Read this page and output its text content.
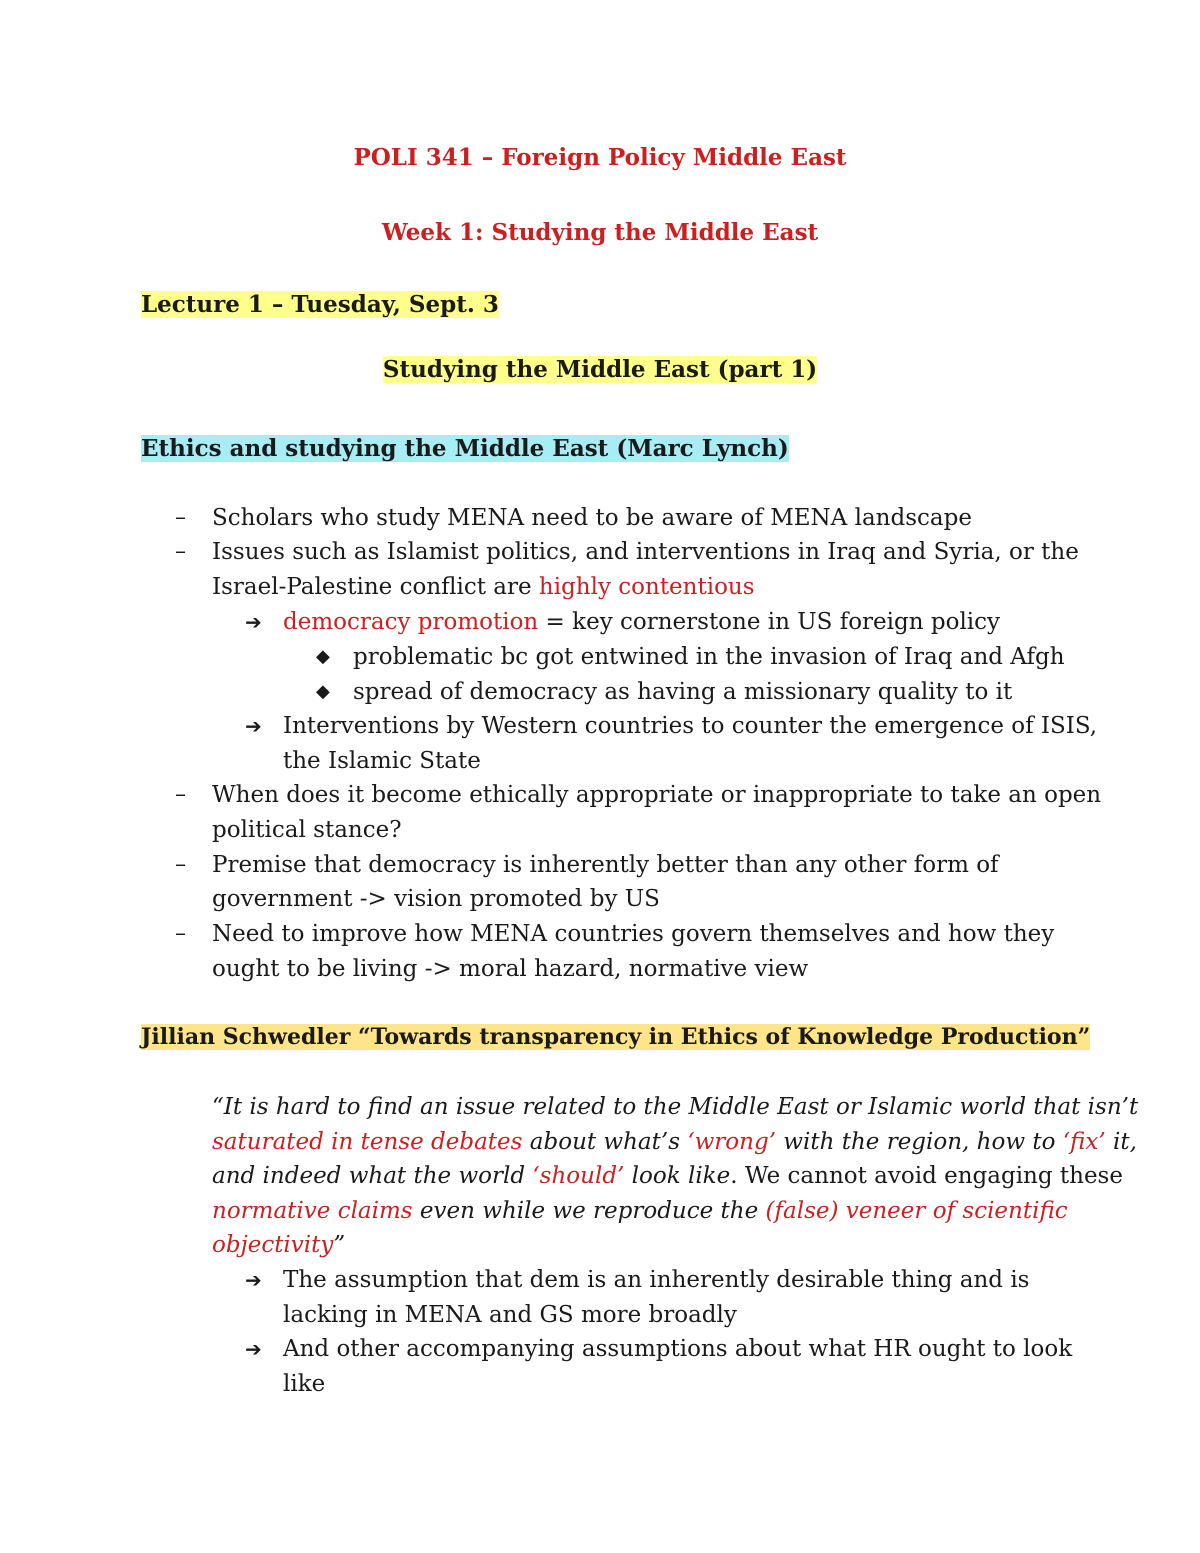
POLI 341 – Foreign Policy Middle East
Week 1: Studying the Middle East
Lecture 1 – Tuesday, Sept. 3
Studying the Middle East (part 1)
Ethics and studying the Middle East (Marc Lynch)
– Scholars who study MENA need to be aware of MENA landscape
– Issues such as Islamist politics, and interventions in Iraq and Syria, or the
Israel-Palestine conflict are highly contentious
➔ democracy promotion = key cornerstone in US foreign policy
◆ problematic bc got entwined in the invasion of Iraq and Afgh
◆ spread of democracy as having a missionary quality to it
➔ Interventions by Western countries to counter the emergence of ISIS,
the Islamic State
– When does it become ethically appropriate or inappropriate to take an open
political stance?
– Premise that democracy is inherently better than any other form of
government -> vision promoted by US
– Need to improve how MENA countries govern themselves and how they
ought to be living -> moral hazard, normative view
Jillian Schwedler “Towards transparency in Ethics of Knowledge Production”
“It is hard to find an issue related to the Middle East or Islamic world that isn’t
saturated in tense debates about what’s ‘wrong’ with the region, how to ‘fix’ it,
and indeed what the world ‘should’ look like. We cannot avoid engaging these
normative claims even while we reproduce the (false) veneer of scientific
objectivity”
➔ The assumption that dem is an inherently desirable thing and is
lacking in MENA and GS more broadly
➔ And other accompanying assumptions about what HR ought to look
like
